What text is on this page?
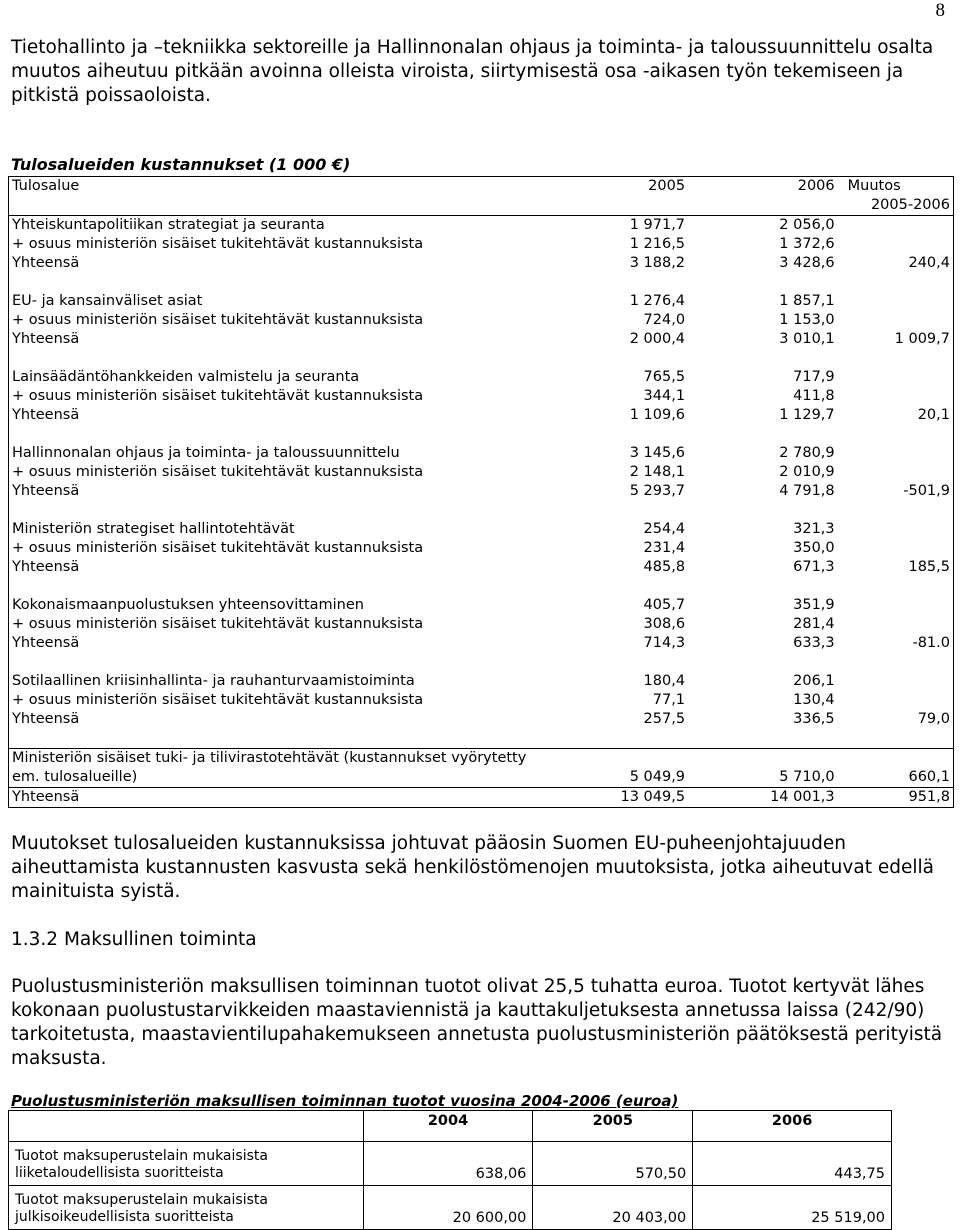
8

Tietohallinto ja –tekniikka sektoreille ja Hallinnonalan ohjaus ja toiminta- ja taloussuunnittelu osalta muutos aiheutuu pitkään avoinna olleista viroista, siirtymisestä osa -aikasen työn tekemiseen ja pitkistä poissaoloista.

Tulosalueiden kustannukset (1 000 €)
Tulosalue	2005	2006	Muutos
			2005-2006
Yhteiskuntapolitiikan strategiat ja seuranta	1 971,7	2 056,0	
+ osuus ministeriön sisäiset tukitehtävät kustannuksista	1 216,5	1 372,6	
Yhteensä	3 188,2	3 428,6	240,4

EU- ja kansainväliset asiat	1 276,4	1 857,1	
+ osuus ministeriön sisäiset tukitehtävät kustannuksista	724,0	1 153,0	
Yhteensä	2 000,4	3 010,1	1 009,7

Lainsäädäntöhankkeiden valmistelu ja seuranta	765,5	717,9	
+ osuus ministeriön sisäiset tukitehtävät kustannuksista	344,1	411,8	
Yhteensä	1 109,6	1 129,7	20,1

Hallinnonalan ohjaus ja toiminta- ja taloussuunnittelu	3 145,6	2 780,9	
+ osuus ministeriön sisäiset tukitehtävät kustannuksista	2 148,1	2 010,9	
Yhteensä	5 293,7	4 791,8	-501,9

Ministeriön strategiset hallintotehtävät	254,4	321,3	
+ osuus ministeriön sisäiset tukitehtävät kustannuksista	231,4	350,0	
Yhteensä	485,8	671,3	185,5

Kokonaismaanpuolustuksen yhteensovittaminen	405,7	351,9	
+ osuus ministeriön sisäiset tukitehtävät kustannuksista	308,6	281,4	
Yhteensä	714,3	633,3	-81.0

Sotilaallinen kriisinhallinta- ja rauhanturvaamistoiminta	180,4	206,1	
+ osuus ministeriön sisäiset tukitehtävät kustannuksista	77,1	130,4	
Yhteensä	257,5	336,5	79,0

Ministeriön sisäiset tuki- ja tilivirastotehtävät (kustannukset vyörytetty			
em. tulosalueille)	5 049,9	5 710,0	660,1
Yhteensä	13 049,5	14 001,3	951,8

Muutokset tulosalueiden kustannuksissa johtuvat pääosin Suomen EU-puheenjohtajuuden aiheuttamista kustannusten kasvusta sekä henkilöstömenojen muutoksista, jotka aiheutuvat edellä mainituista syistä.

1.3.2 Maksullinen toiminta

Puolustusministeriön maksullisen toiminnan tuotot olivat 25,5 tuhatta euroa. Tuotot kertyvät lähes kokonaan puolustustarvikkeiden maastaviennistä ja kauttakuljetuksesta annetussa laissa (242/90) tarkoitetusta, maastavientilupahakemukseen annetusta puolustusministeriön päätöksestä perityistä maksusta.

Puolustusministeriön maksullisen toiminnan tuotot vuosina 2004-2006 (euroa)
	2004	2005	2006
Tuotot maksuperustelain mukaisista liiketaloudellisista suoritteista	638,06	570,50	443,75
Tuotot maksuperustelain mukaisista julkisoikeudellisista suoritteista	20 600,00	20 403,00	25 519,00
